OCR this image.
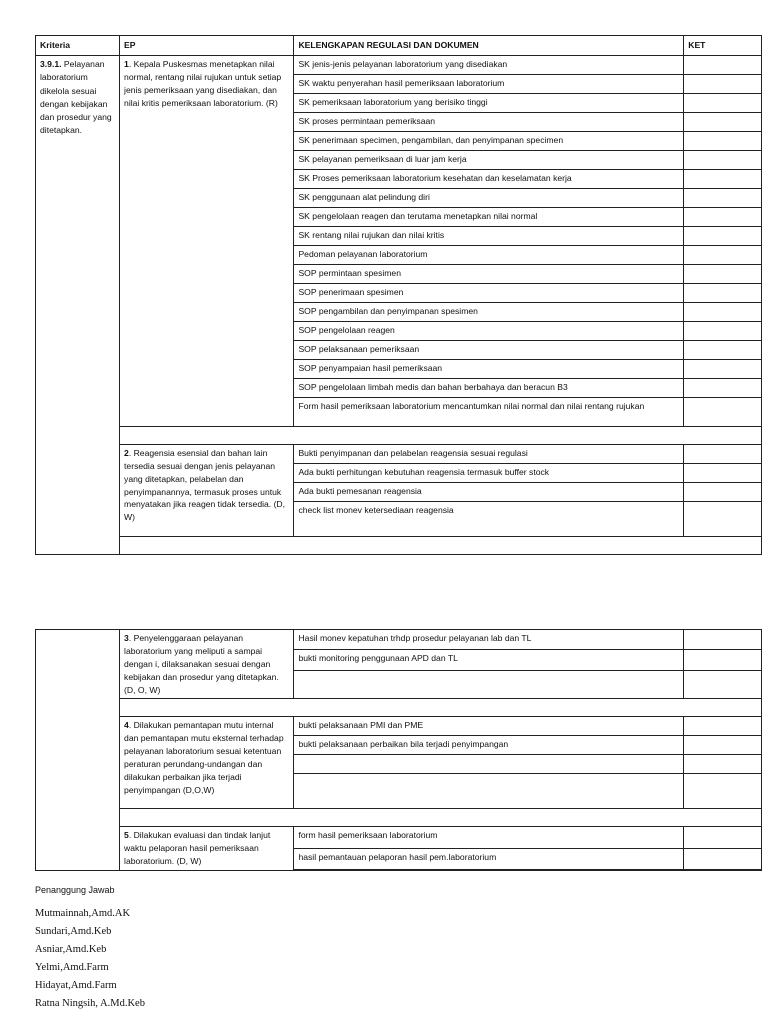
Kriteria	EP	KELENGKAPAN REGULASI DAN DOKUMEN	KET
3.9.1. Pelayanan laboratorium dikelola sesuai dengan kebijakan dan prosedur yang ditetapkan.	1. Kepala Puskesmas menetapkan nilai normal, rentang nilai rujukan untuk setiap jenis pemeriksaan yang disediakan, dan nilai kritis pemeriksaan laboratorium. (R)	SK jenis-jenis pelayanan laboratorium yang disediakan	
		SK waktu penyerahan hasil pemeriksaan laboratorium	
		SK pemeriksaan laboratorium yang berisiko tinggi	
		SK proses permintaan pemeriksaan	
		SK penerimaan specimen, pengambilan, dan penyimpanan specimen	
		SK pelayanan pemeriksaan di luar jam kerja	
		SK Proses pemeriksaan laboratorium kesehatan dan keselamatan kerja	
		SK penggunaan alat pelindung diri	
		SK pengelolaan reagen dan terutama menetapkan nilai normal	
		SK rentang nilai rujukan dan nilai kritis	
		Pedoman pelayanan laboratorium	
		SOP permintaan spesimen	
		SOP penerimaan spesimen	
		SOP pengambilan dan penyimpanan spesimen	
		SOP pengelolaan reagen	
		SOP pelaksanaan pemeriksaan	
		SOP penyampaian hasil pemeriksaan	
		SOP pengelolaan limbah medis dan bahan berbahaya dan beracun B3	
		Form hasil pemeriksaan laboratorium mencantumkan nilai normal dan nilai rentang rujukan	

	2. Reagensia esensial dan bahan lain tersedia sesuai dengan jenis pelayanan yang ditetapkan, pelabelan dan penyimpanannya, termasuk proses untuk menyatakan jika reagen tidak tersedia. (D, W)	Bukti penyimpanan dan pelabelan reagensia sesuai regulasi	
		Ada bukti perhitungan kebutuhan reagensia termasuk buffer stock	
		Ada bukti pemesanan reagensia	
		check list monev ketersediaan reagensia	

	3. Penyelenggaraan pelayanan laboratorium yang meliputi a sampai dengan i, dilaksanakan sesuai dengan kebijakan dan prosedur yang ditetapkan. (D, O, W)	Hasil monev kepatuhan trhdp prosedur pelayanan lab dan TL	
		bukti monitoring penggunaan APD dan TL	

	4. Dilakukan pemantapan mutu internal dan pemantapan mutu eksternal terhadap pelayanan laboratorium sesuai ketentuan peraturan perundang-undangan dan dilakukan perbaikan jika terjadi penyimpangan (D,O,W)	bukti pelaksanaan PMI dan PME	
		bukti pelaksanaan perbaikan bila terjadi penyimpangan	

	5. Dilakukan evaluasi dan tindak lanjut waktu pelaporan hasil pemeriksaan laboratorium. (D, W)	form hasil pemeriksaan laboratorium	
		hasil pemantauan pelaporan hasil pem.laboratorium	

Penanggung Jawab
Mutmainnah,Amd.AK
Sundari,Amd.Keb
Asniar,Amd.Keb
Yelmi,Amd.Farm
Hidayat,Amd.Farm
Ratna Ningsih, A.Md.Keb
